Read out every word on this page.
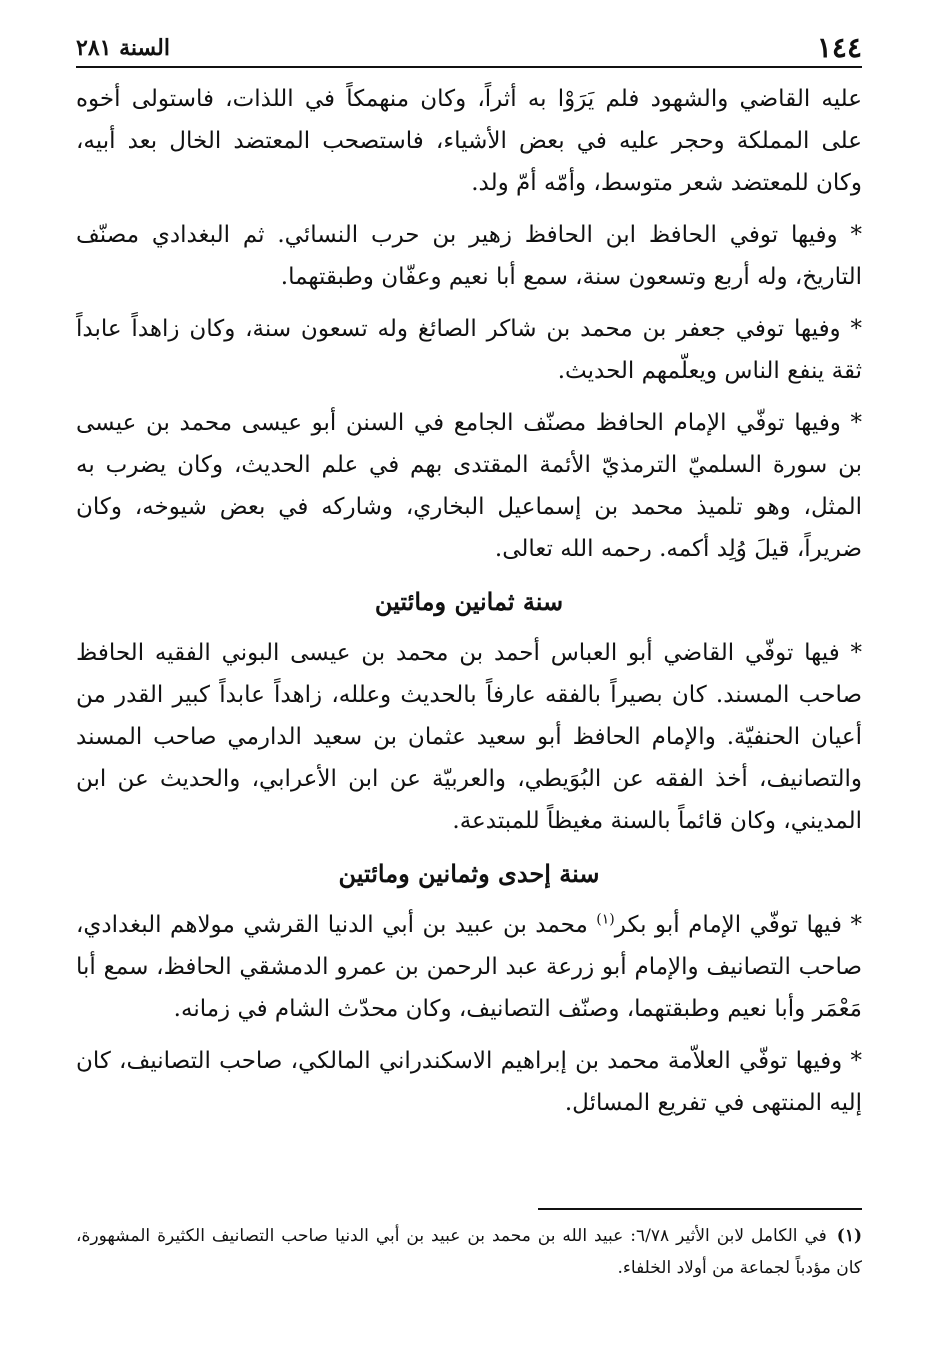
١٤٤
السنة ٢٨١

عليه القاضي والشهود فلم يَرَوْا به أثراً، وكان منهمكاً في اللذات، فاستولى أخوه على المملكة وحجر عليه في بعض الأشياء، فاستصحب المعتضد الخال بعد أبيه، وكان للمعتضد شعر متوسط، وأمّه أمّ ولد.

* وفيها توفي الحافظ ابن الحافظ زهير بن حرب النسائي. ثم البغدادي مصنّف التاريخ، وله أربع وتسعون سنة، سمع أبا نعيم وعفّان وطبقتهما.

* وفيها توفي جعفر بن محمد بن شاكر الصائغ وله تسعون سنة، وكان زاهداً عابداً ثقة ينفع الناس ويعلّمهم الحديث.

* وفيها توفّي الإمام الحافظ مصنّف الجامع في السنن أبو عيسى محمد بن عيسى بن سورة السلميّ الترمذيّ الأئمة المقتدى بهم في علم الحديث، وكان يضرب به المثل، وهو تلميذ محمد بن إسماعيل البخاري، وشاركه في بعض شيوخه، وكان ضريراً، قيلَ وُلِد أكمه. رحمه الله تعالى.

سنة ثمانين ومائتين

* فيها توفّي القاضي أبو العباس أحمد بن محمد بن عيسى البوني الفقيه الحافظ صاحب المسند. كان بصيراً بالفقه عارفاً بالحديث وعلله، زاهداً عابداً كبير القدر من أعيان الحنفيّة. والإمام الحافظ أبو سعيد عثمان بن سعيد الدارمي صاحب المسند والتصانيف، أخذ الفقه عن البُوَيطي، والعربيّة عن ابن الأعرابي، والحديث عن ابن المديني، وكان قائماً بالسنة مغيظاً للمبتدعة.

سنة إحدى وثمانين ومائتين

* فيها توفّي الإمام أبو بكر$^{(١)}$ محمد بن عبيد بن أبي الدنيا القرشي مولاهم البغدادي، صاحب التصانيف والإمام أبو زرعة عبد الرحمن بن عمرو الدمشقي الحافظ، سمع أبا مَعْمَر وأبا نعيم وطبقتهما، وصنّف التصانيف، وكان محدّث الشام في زمانه.

* وفيها توفّي العلاّمة محمد بن إبراهيم الاسكندراني المالكي، صاحب التصانيف، كان إليه المنتهى في تفريع المسائل.

(١)في الكامل لابن الأثير ٦/٧٨: عبيد الله بن محمد بن عبيد بن أبي الدنيا صاحب التصانيف الكثيرة المشهورة، كان مؤدباً لجماعة من أولاد الخلفاء.
